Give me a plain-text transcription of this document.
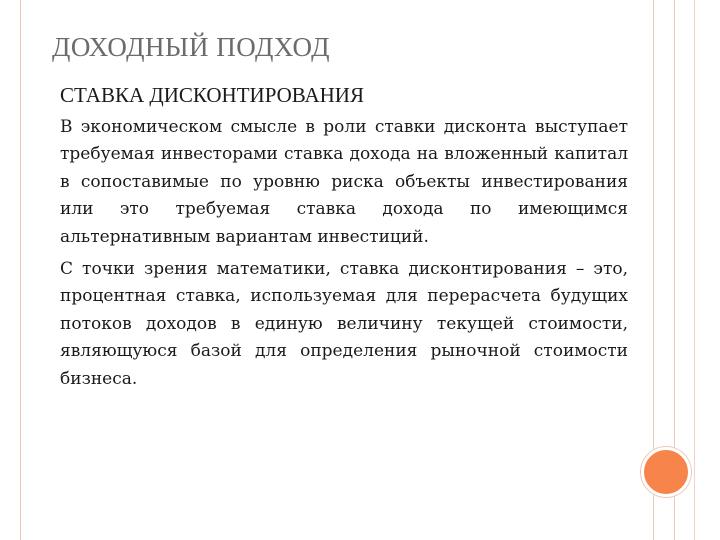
ДОХОДНЫЙ ПОДХОД
СТАВКА ДИСКОНТИРОВАНИЯ
В экономическом смысле в роли ставки дисконта выступает требуемая инвесторами ставка дохода на вложенный капитал в сопоставимые по уровню риска объекты инвестирования или это требуемая ставка дохода по имеющимся альтернативным вариантам инвестиций.
С точки зрения математики, ставка дисконтирования – это, процентная ставка, используемая для перерасчета будущих потоков доходов в единую величину текущей стоимости, являющуюся базой для определения рыночной стоимости бизнеса.
